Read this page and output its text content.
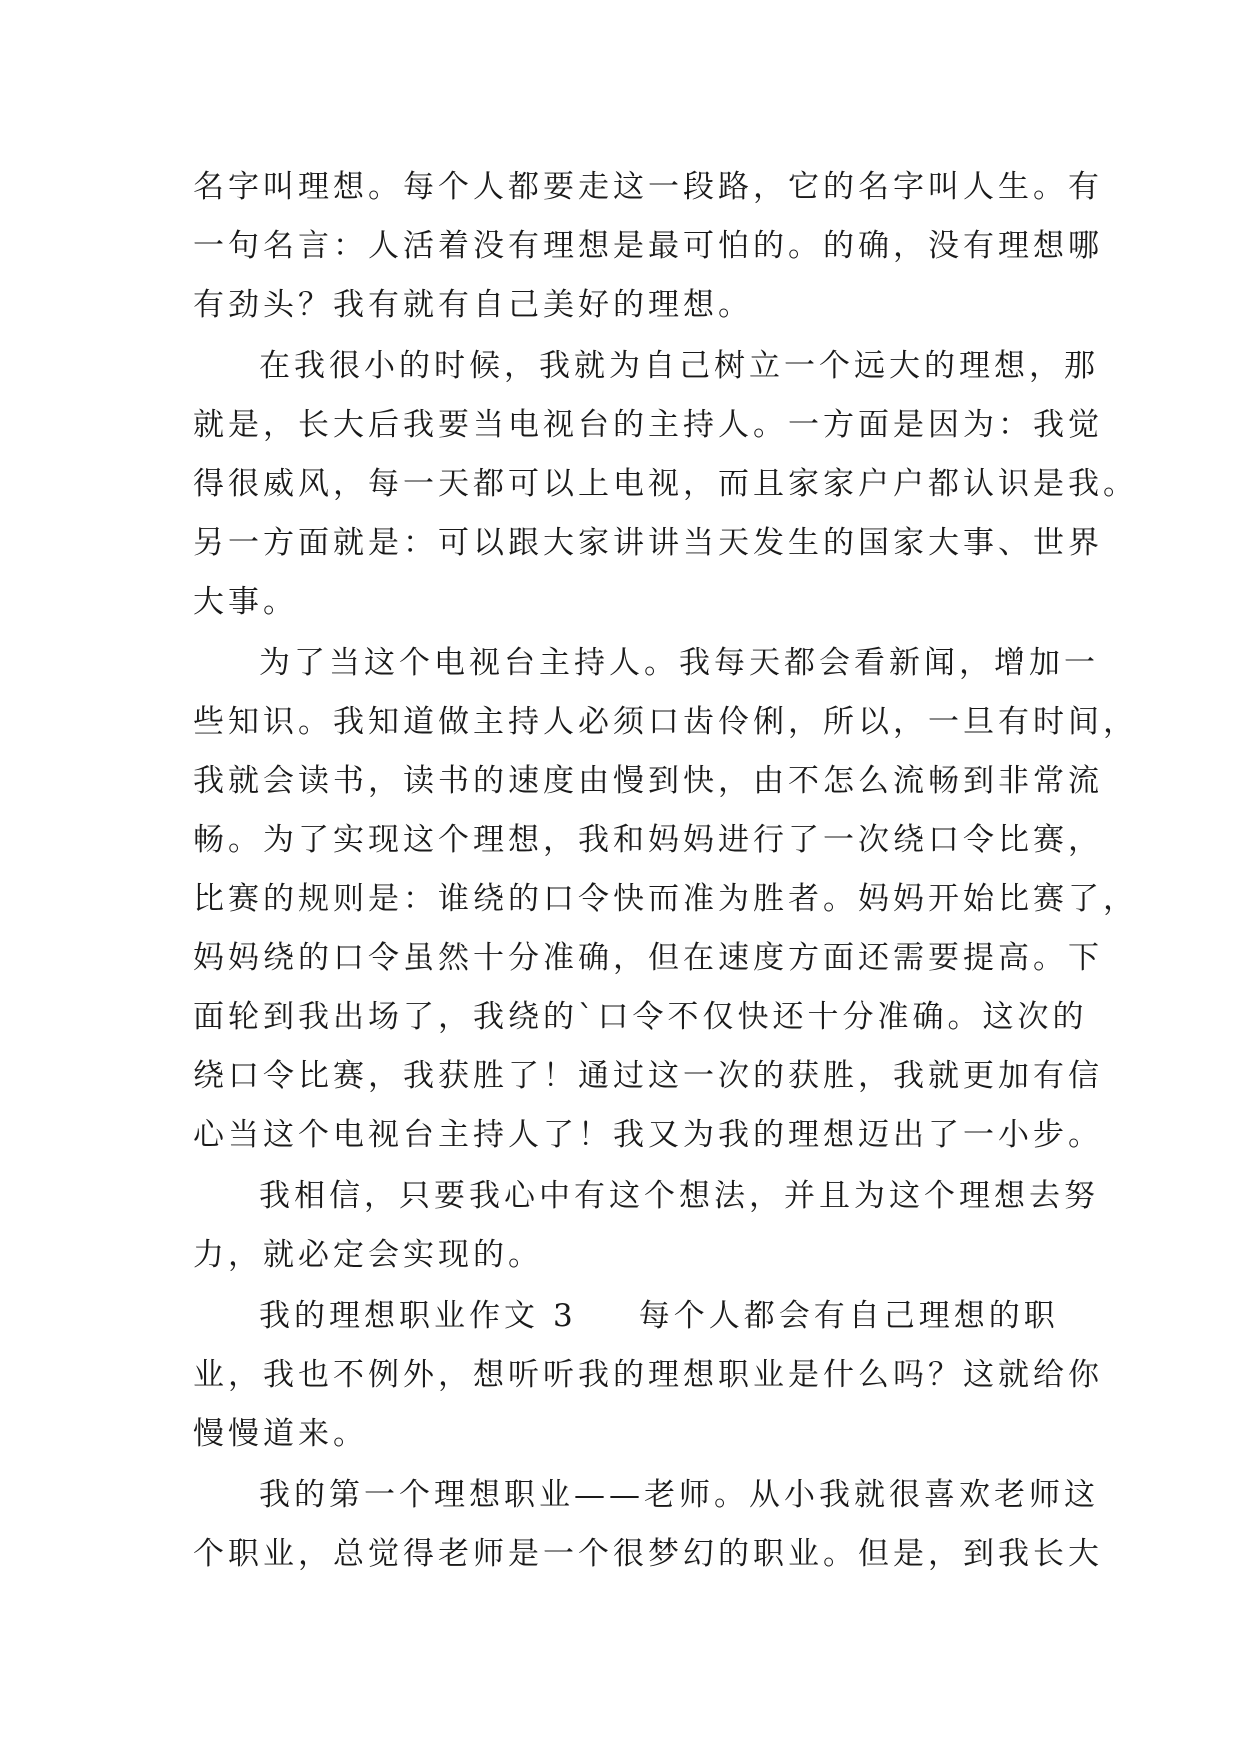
名字叫理想。每个人都要走这一段路，它的名字叫人生。有
一句名言：人活着没有理想是最可怕的。的确，没有理想哪
有劲头？我有就有自己美好的理想。
在我很小的时候，我就为自己树立一个远大的理想，那
就是，长大后我要当电视台的主持人。一方面是因为：我觉
得很威风，每一天都可以上电视，而且家家户户都认识是我。
另一方面就是：可以跟大家讲讲当天发生的国家大事、世界
大事。
为了当这个电视台主持人。我每天都会看新闻，增加一
些知识。我知道做主持人必须口齿伶俐，所以，一旦有时间，
我就会读书，读书的速度由慢到快，由不怎么流畅到非常流
畅。为了实现这个理想，我和妈妈进行了一次绕口令比赛，
比赛的规则是：谁绕的口令快而准为胜者。妈妈开始比赛了，
妈妈绕的口令虽然十分准确，但在速度方面还需要提高。下
面轮到我出场了，我绕的`口令不仅快还十分准确。这次的
绕口令比赛，我获胜了！通过这一次的获胜，我就更加有信
心当这个电视台主持人了！我又为我的理想迈出了一小步。
我相信，只要我心中有这个想法，并且为这个理想去努
力，就必定会实现的。
我的理想职业作文 3 每个人都会有自己理想的职
业，我也不例外，想听听我的理想职业是什么吗？这就给你
慢慢道来。
我的第一个理想职业——老师。从小我就很喜欢老师这
个职业，总觉得老师是一个很梦幻的职业。但是，到我长大
